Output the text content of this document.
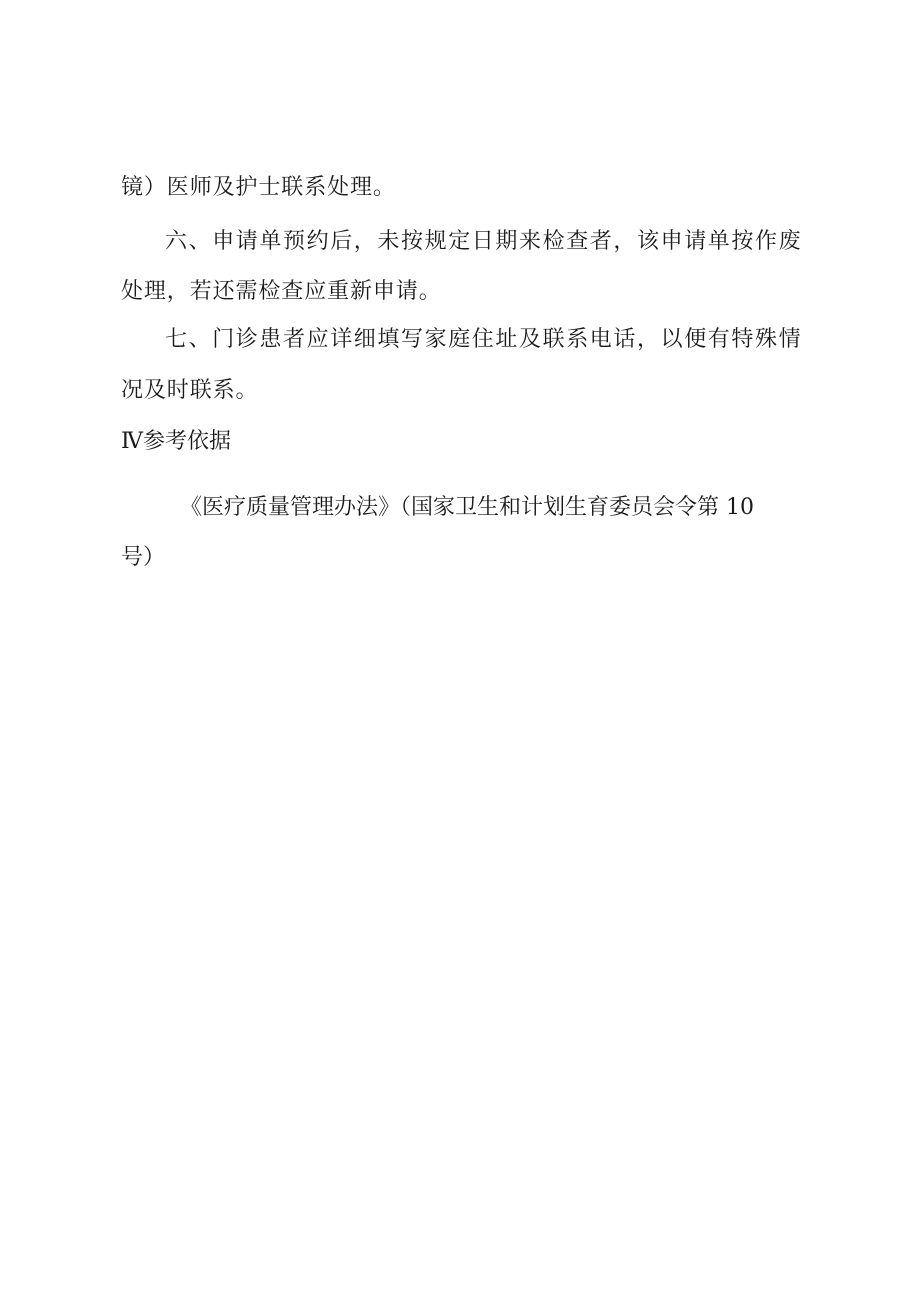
镜）医师及护士联系处理。
六、申请单预约后，未按规定日期来检查者，该申请单按作废
处理，若还需检查应重新申请。
七、门诊患者应详细填写家庭住址及联系电话，以便有特殊情
况及时联系。
Ⅳ参考依据
《医疗质量管理办法》（国家卫生和计划生育委员会令第 10
号）
